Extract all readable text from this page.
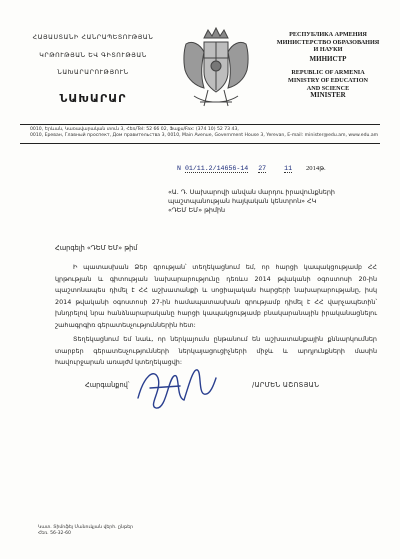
ՀԱՅԱՍՏԱՆԻ ՀԱՆՐԱՊԵՏՈՒԹՅԱՆ
ԿՐԹՈՒԹՅԱՆ ԵՎ ԳԻՏՈՒԹՅԱՆ
ՆԱԽԱՐԱՐՈՒԹՅՈՒՆ
ՆԱԽԱՐԱՐ
РЕСПУБЛИКА АРМЕНИЯ
МИНИСТЕРСТВО ОБРАЗОВАНИЯ
И НАУКИ
МИНИСТР
REPUBLIC OF ARMENIA
MINISTRY OF EDUCATION
AND SCIENCE
MINISTER
0010, Երևան, Կառավարական տուն 3, Հեռ/Tel: 52 66 02, Ֆաքս/Fax: (374 10) 52 73 43,
0010, Ереван, Главный проспект, Дом правительства 3, 0010, Main Avenue, Government House 3, Yerevan, E-mail: minister@edu.am, www.edu.am
N 01/11.2/14656-14 27	11 2014թ.
«Ա. Դ. Սախարովի անվան մարդու իրավունքների
պաշտպանության հայկական կենտրոն» ՀԿ
«ԴԵՄ ԵՄ» թիմին
Հարգելի «ԴԵՄ ԵՄ» թիմ
Ի պատասխան Ձեր գրության՝ տեղեկացնում եմ, որ հարցի կապակցությամբ ՀՀ կրթության և գիտության նախարարությունը դեռևս 2014 թվականի օգոստոսի 20-ին պաշտոնապես դիմել է ՀՀ աշխատանքի և սոցիալական հարցերի նախարարությանը, իսկ 2014 թվականի օգոստոսի 27-ին համապատասխան գրությամբ դիմել է ՀՀ վարչապետին՝ խնդրելով նրա հանձնարարականը հարցի կապակցությամբ բնակարանային իրականացնելու շահագրգիռ գերատեսչություններին հետ:
Տեղեկացնում եմ նաև, որ ներկայումս ընթանում են աշխատանքային քննարկումներ տարբեր գերատեսչությունների ներկայացուցիչների միջև և արդյունքների մասին հավուրջարան առայժմ կտեղեկացվի:
Հարգանքով՝	/ԱՐՄԵՆ ԱՇՈՏՅԱՆ
Կատ. Տիմոֆեյ Մանուկյան վերհ. ընթեր
Հեռ. 56-32-60
